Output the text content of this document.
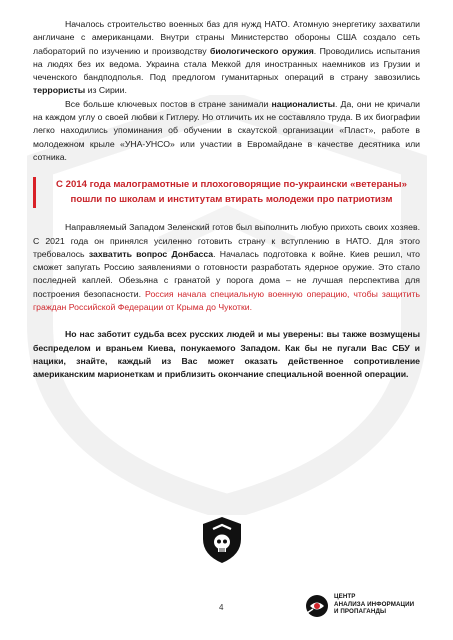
Началось строительство военных баз для нужд НАТО. Атомную энергетику захватили англичане с американцами. Внутри страны Министерство обороны США создало сеть лабораторий по изучению и производству биологического оружия. Проводились испытания на людях без их ведома. Украина стала Меккой для иностранных наемников из Грузии и чеченского бандподполья. Под предлогом гуманитарных операций в страну завозились террористы из Сирии.

Все больше ключевых постов в стране занимали националисты. Да, они не кричали на каждом углу о своей любви к Гитлеру. Но отличить их не составляло труда. В их биографии легко находились упоминания об обучении в скаутской организации «Пласт», работе в молодежном крыле «УНА-УНСО» или участии в Евромайдане в качестве десятника или сотника.

С 2014 года малограмотные и плохоговорящие по-украински «ветераны» пошли по школам и институтам втирать молодежи про патриотизм

Направляемый Западом Зеленский готов был выполнить любую прихоть своих хозяев. С 2021 года он принялся усиленно готовить страну к вступлению в НАТО. Для этого требовалось захватить вопрос Донбасса. Началась подготовка к войне. Киев решил, что сможет запугать Россию заявлениями о готовности разработать ядерное оружие. Это стало последней каплей. Обезьяна с гранатой у порога дома – не лучшая перспектива для построения безопасности. Россия начала специальную военную операцию, чтобы защитить граждан Российской Федерации от Крыма до Чукотки.

Но нас заботит судьба всех русских людей и мы уверены: вы также возмущены беспределом и враньем Киева, понукаемого Западом. Как бы не пугали Вас СБУ и нацики, знайте, каждый из Вас может оказать действенное сопротивление американским марионеткам и приблизить окончание специальной военной операции.

4
ЦЕНТР
АНАЛИЗА ИНФОРМАЦИИ
И ПРОПАГАНДЫ
